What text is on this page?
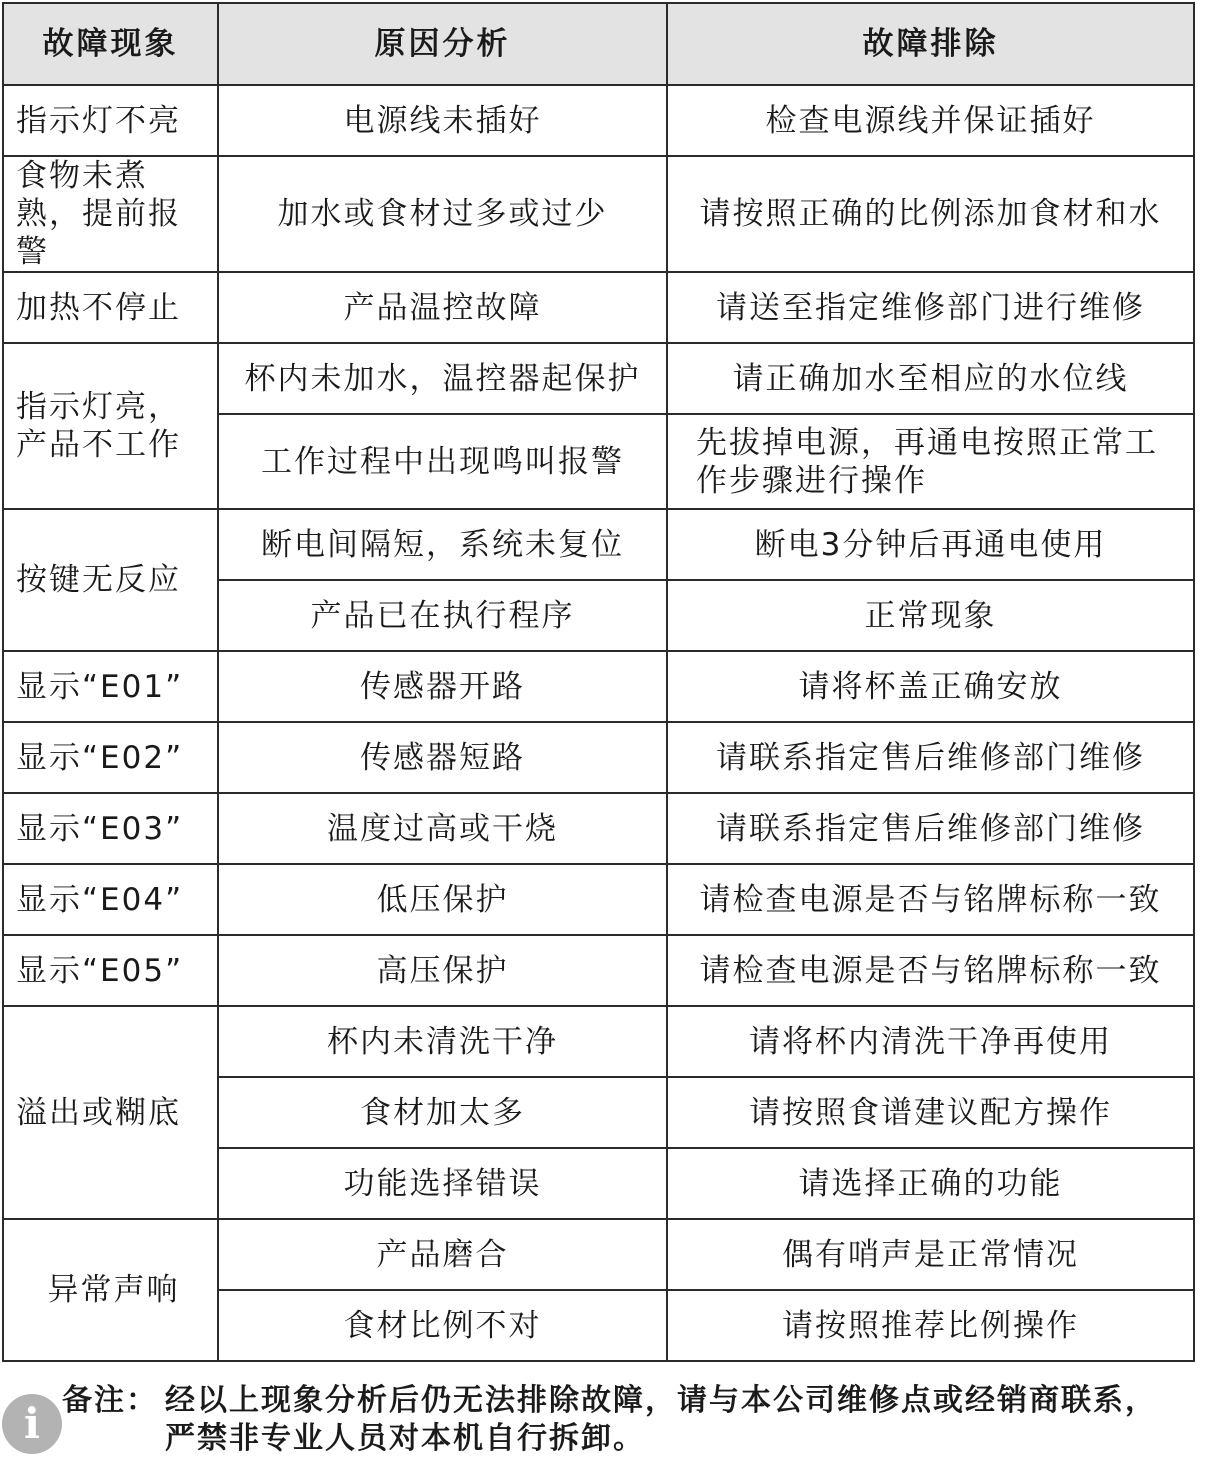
故障现象	原因分析	故障排除
指示灯不亮	电源线未插好	检查电源线并保证插好
食物未煮熟，提前报警	加水或食材过多或过少	请按照正确的比例添加食材和水
加热不停止	产品温控故障	请送至指定维修部门进行维修
指示灯亮，产品不工作	杯内未加水，温控器起保护	请正确加水至相应的水位线
	工作过程中出现鸣叫报警	先拔掉电源，再通电按照正常工作步骤进行操作
按键无反应	断电间隔短，系统未复位	断电3分钟后再通电使用
	产品已在执行程序	正常现象
显示“E01”	传感器开路	请将杯盖正确安放
显示“E02”	传感器短路	请联系指定售后维修部门维修
显示“E03”	温度过高或干烧	请联系指定售后维修部门维修
显示“E04”	低压保护	请检查电源是否与铭牌标称一致
显示“E05”	高压保护	请检查电源是否与铭牌标称一致
溢出或糊底	杯内未清洗干净	请将杯内清洗干净再使用
	食材加太多	请按照食谱建议配方操作
	功能选择错误	请选择正确的功能
异常声响	产品磨合	偶有哨声是正常情况
	食材比例不对	请按照推荐比例操作
i 备注： 经以上现象分析后仍无法排除故障，请与本公司维修点或经销商联系，
严禁非专业人员对本机自行拆卸。
